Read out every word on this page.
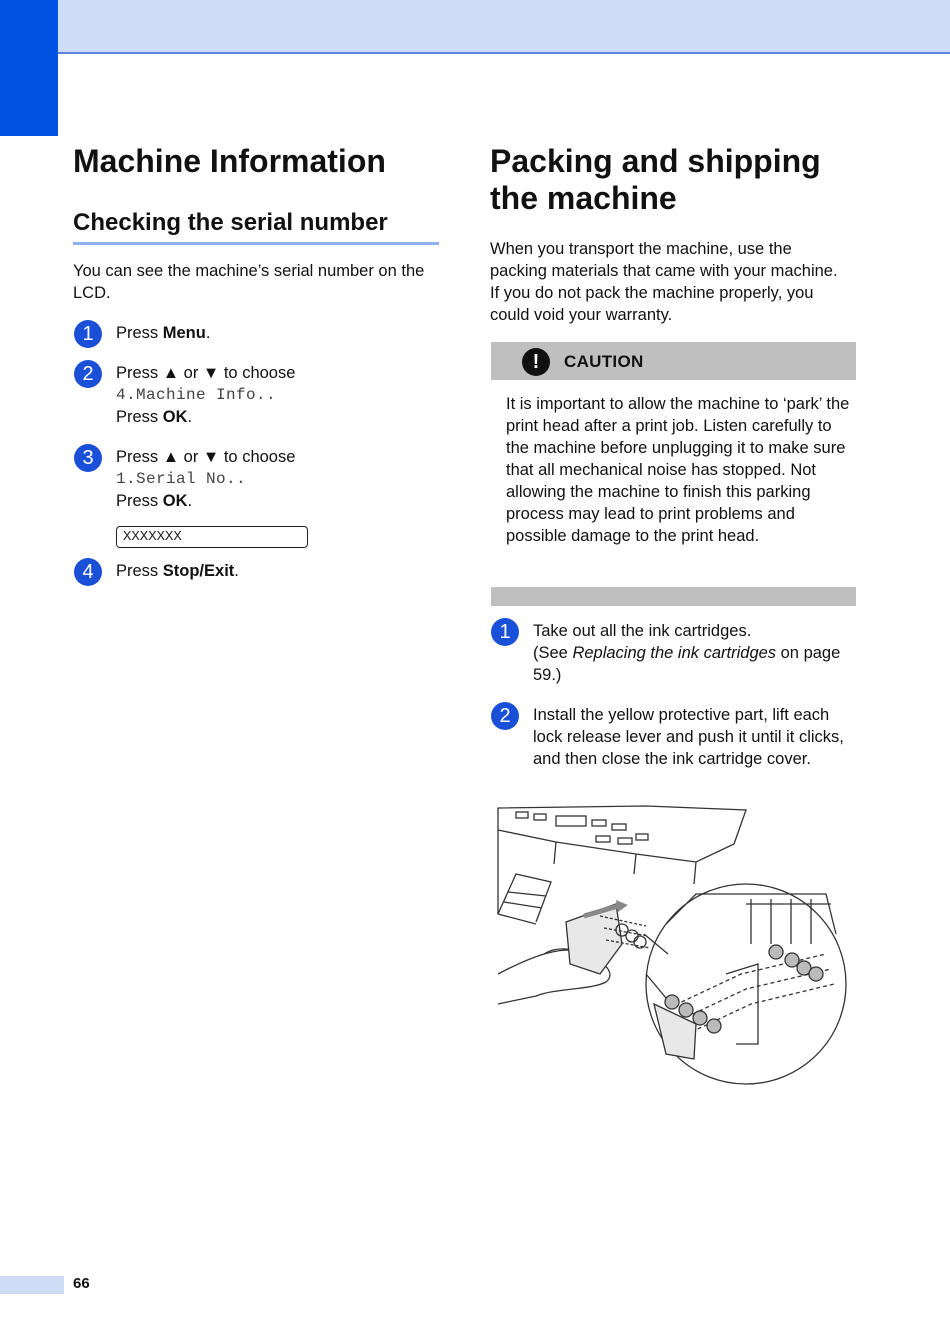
Machine Information
Checking the serial number

You can see the machine’s serial number on the LCD.

1	Press Menu.
2	Press ▲ or ▼ to choose
4.Machine Info..
Press OK.
3	Press ▲ or ▼ to choose
1.Serial No..
Press OK.
XXXXXXX
4	Press Stop/Exit.
Packing and shipping the machine

When you transport the machine, use the packing materials that came with your machine. If you do not pack the machine properly, you could void your warranty.

!	CAUTION

It is important to allow the machine to ‘park’ the print head after a print job. Listen carefully to the machine before unplugging it to make sure that all mechanical noise has stopped. Not allowing the machine to finish this parking process may lead to print problems and possible damage to the print head.

1	Take out all the ink cartridges.
(See Replacing the ink cartridges on page 59.)
2	Install the yellow protective part, lift each lock release lever and push it until it clicks, and then close the ink cartridge cover.
66
